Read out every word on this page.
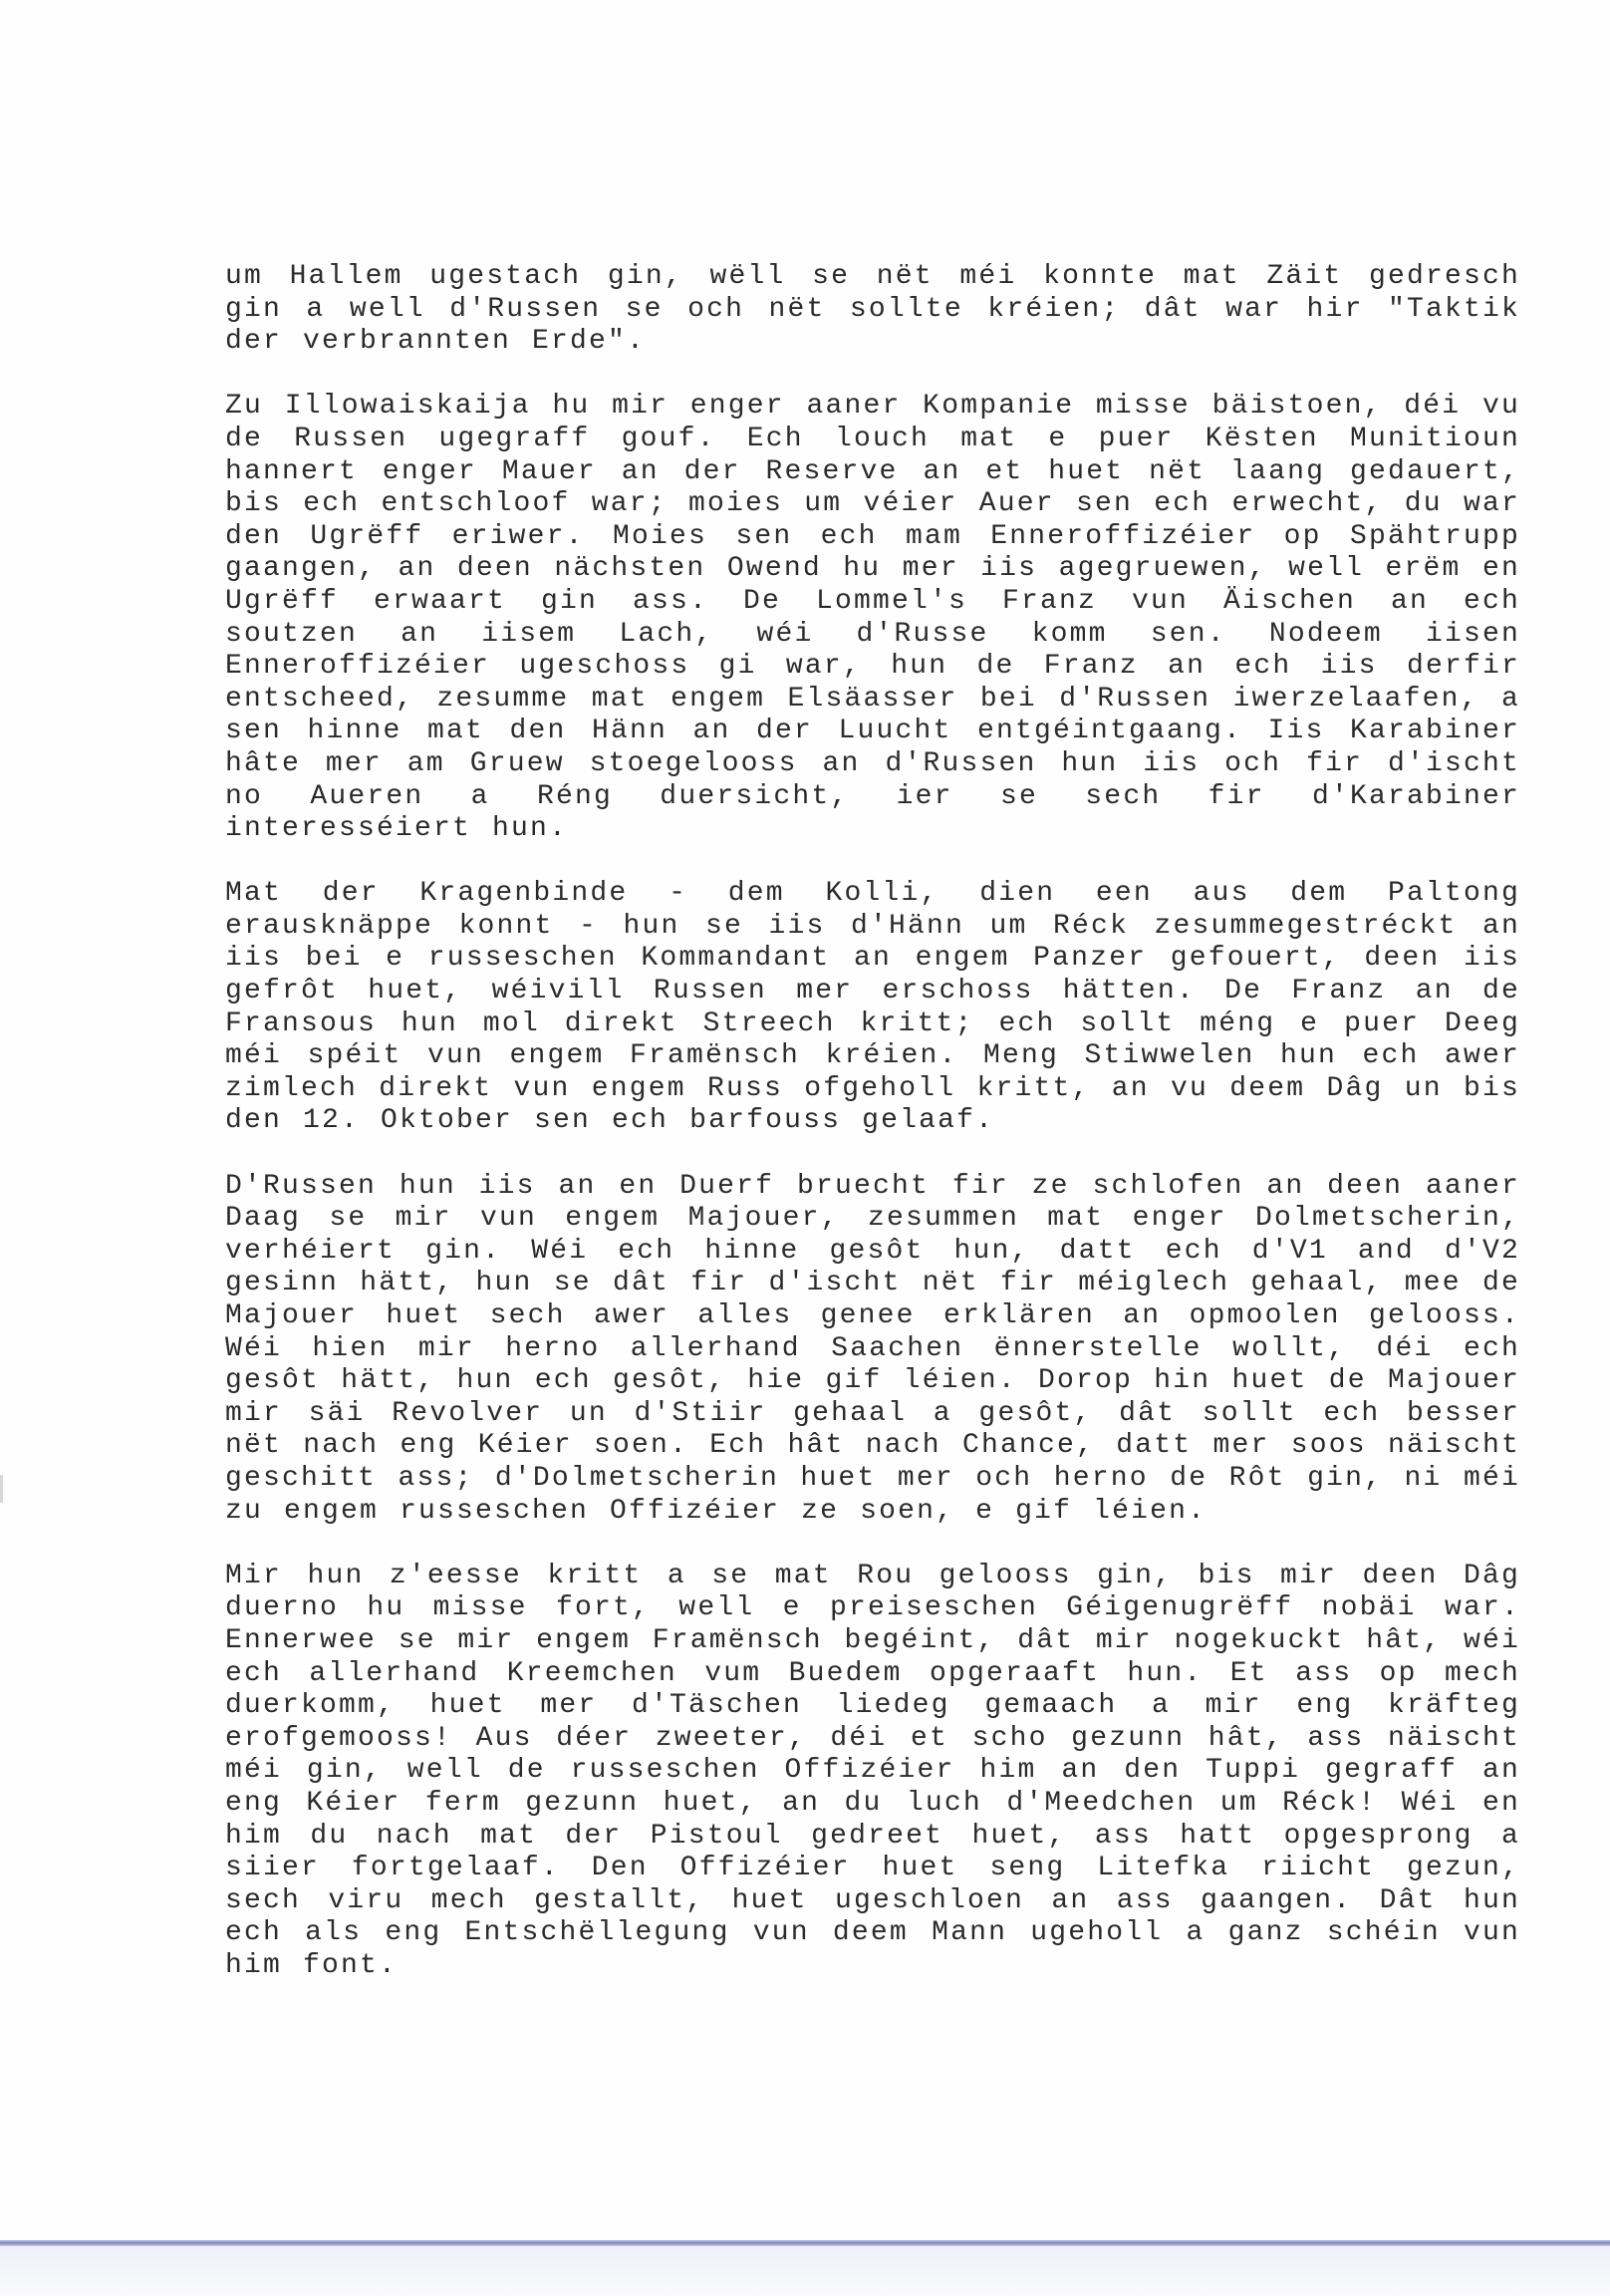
um Hallem ugestach gin, wëll se nët méi konnte mat Zäit gedresch gin a well d'Russen se och nët sollte kréien; dât war hir "Taktik der verbrannten Erde".

Zu Illowaiskaija hu mir enger aaner Kompanie misse bäistoen, déi vu de Russen ugegraff gouf. Ech louch mat e puer Kësten Munitioun hannert enger Mauer an der Reserve an et huet nët laang gedauert, bis ech entschloof war; moies um véier Auer sen ech erwecht, du war den Ugrëff eriwer. Moies sen ech mam Enneroffizéier op Spähtrupp gaangen, an deen nächsten Owend hu mer iis agegruewen, well erëm en Ugrëff erwaart gin ass. De Lommel's Franz vun Äischen an ech soutzen an iisem Lach, wéi d'Russe komm sen. Nodeem iisen Enneroffizéier ugeschoss gi war, hun de Franz an ech iis derfir entscheed, zesumme mat engem Elsäasser bei d'Russen iwerzelaafen, a sen hinne mat den Hänn an der Luucht entgéintgaang. Iis Karabiner hâte mer am Gruew stoegelooss an d'Russen hun iis och fir d'ischt no Aueren a Réng duersicht, ier se sech fir d'Karabiner interesséiert hun.

Mat der Kragenbinde - dem Kolli, dien een aus dem Paltong erausknäppe konnt - hun se iis d'Hänn um Réck zesummegestréckt an iis bei e russeschen Kommandant an engem Panzer gefouert, deen iis gefrôt huet, wéivill Russen mer erschoss hätten. De Franz an de Fransous hun mol direkt Streech kritt; ech sollt méng e puer Deeg méi spéit vun engem Framënsch kréien. Meng Stiwwelen hun ech awer zimlech direkt vun engem Russ ofgeholl kritt, an vu deem Dâg un bis den 12. Oktober sen ech barfouss gelaaf.

D'Russen hun iis an en Duerf bruecht fir ze schlofen an deen aaner Daag se mir vun engem Majouer, zesummen mat enger Dolmetscherin, verhéiert gin. Wéi ech hinne gesôt hun, datt ech d'V1 and d'V2 gesinn hätt, hun se dât fir d'ischt nët fir méiglech gehaal, mee de Majouer huet sech awer alles genee erklären an opmoolen gelooss. Wéi hien mir herno allerhand Saachen ënnerstelle wollt, déi ech gesôt hätt, hun ech gesôt, hie gif léien. Dorop hin huet de Majouer mir säi Revolver un d'Stiir gehaal a gesôt, dât sollt ech besser nët nach eng Kéier soen. Ech hât nach Chance, datt mer soos näischt geschitt ass; d'Dolmetscherin huet mer och herno de Rôt gin, ni méi zu engem russeschen Offizéier ze soen, e gif léien.

Mir hun z'eesse kritt a se mat Rou gelooss gin, bis mir deen Dâg duerno hu misse fort, well e preiseschen Géigenugrëff nobäi war. Ennerwee se mir engem Framënsch begéint, dât mir nogekuckt hât, wéi ech allerhand Kreemchen vum Buedem opgeraaft hun. Et ass op mech duerkomm, huet mer d'Täschen liedeg gemaach a mir eng kräfteg erofgemooss! Aus déer zweeter, déi et scho gezunn hât, ass näischt méi gin, well de russeschen Offizéier him an den Tuppi gegraff an eng Kéier ferm gezunn huet, an du luch d'Meedchen um Réck! Wéi en him du nach mat der Pistoul gedreet huet, ass hatt opgesprong a siier fortgelaaf. Den Offizéier huet seng Litefka riicht gezun, sech viru mech gestallt, huet ugeschloen an ass gaangen. Dât hun ech als eng Entschëllegung vun deem Mann ugeholl a ganz schéin vun him font.
